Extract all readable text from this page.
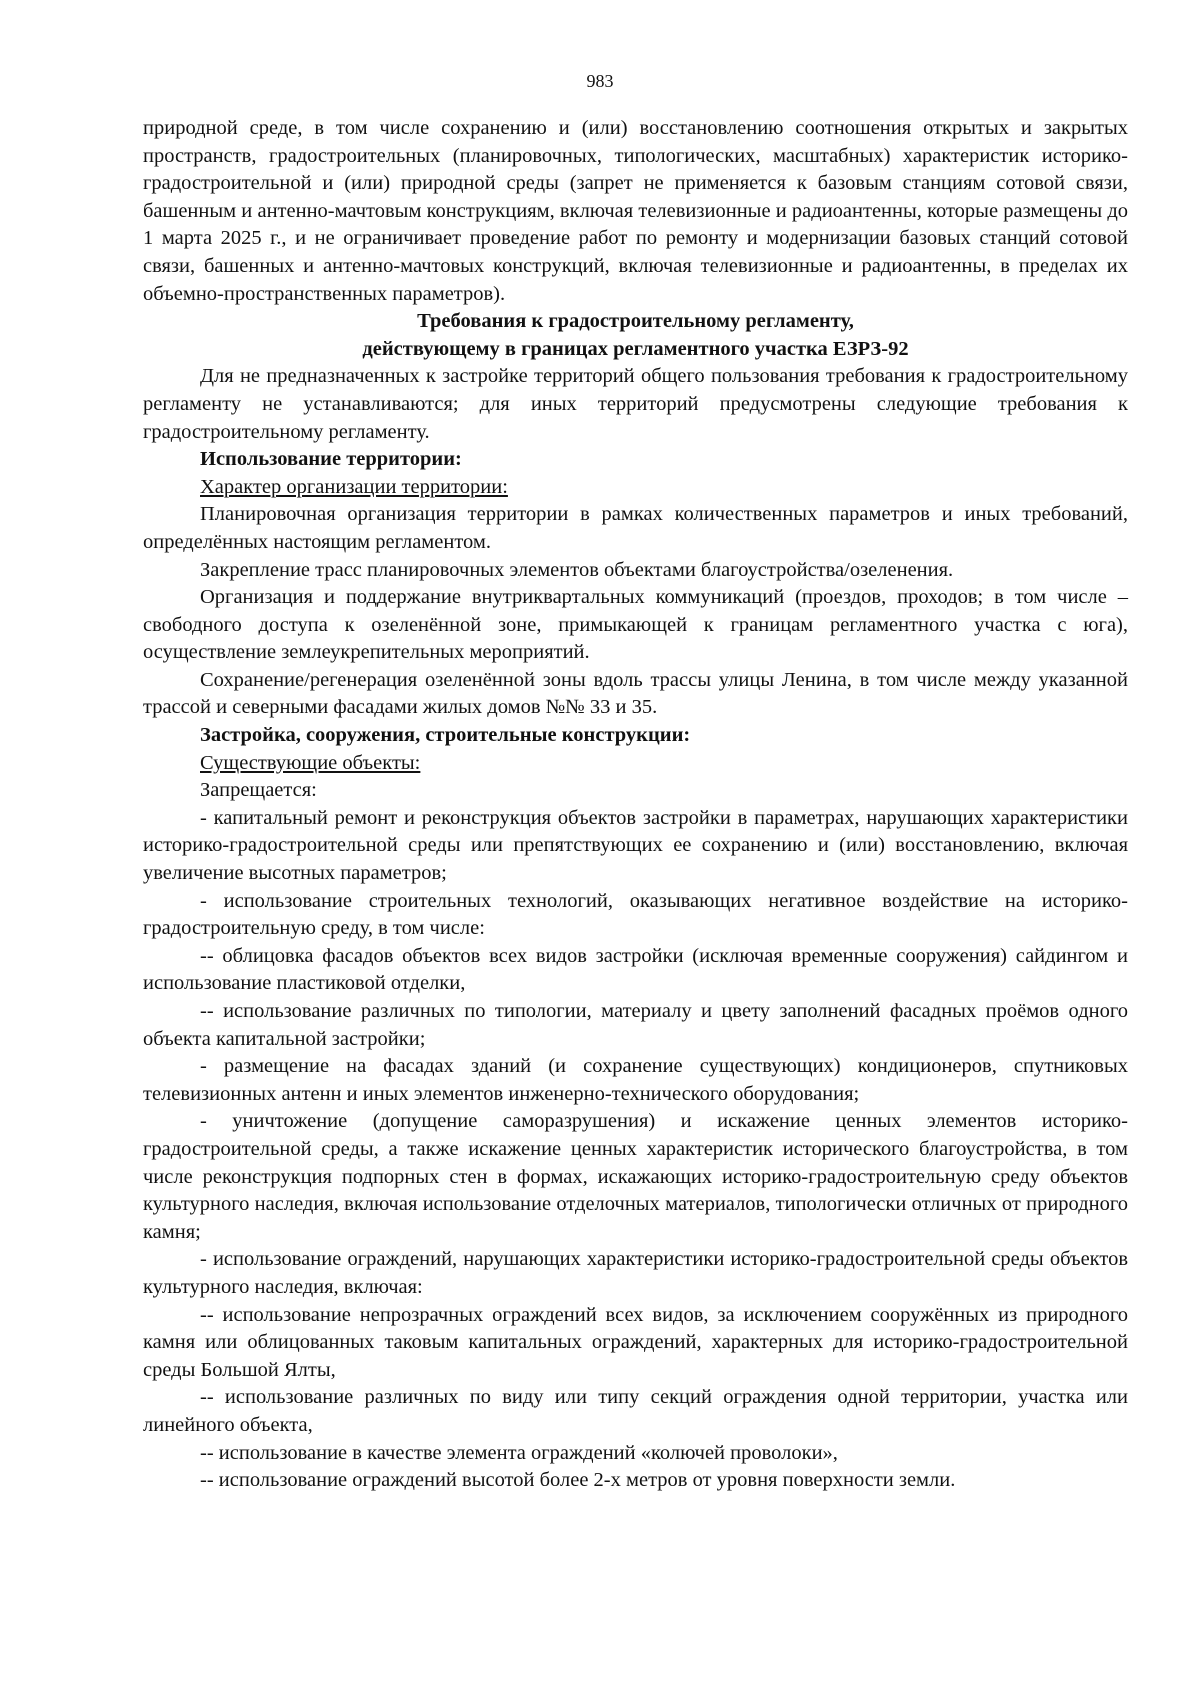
983

природной среде, в том числе сохранению и (или) восстановлению соотношения открытых и закрытых пространств, градостроительных (планировочных, типологических, масштабных) характеристик историко-градостроительной и (или) природной среды (запрет не применяется к базовым станциям сотовой связи, башенным и антенно-мачтовым конструкциям, включая телевизионные и радиоантенны, которые размещены до 1 марта 2025 г., и не ограничивает проведение работ по ремонту и модернизации базовых станций сотовой связи, башенных и антенно-мачтовых конструкций, включая телевизионные и радиоантенны, в пределах их объемно-пространственных параметров).

Требования к градостроительному регламенту,

действующему в границах регламентного участка ЕЗРЗ-92

Для не предназначенных к застройке территорий общего пользования требования к градостроительному регламенту не устанавливаются; для иных территорий предусмотрены следующие требования к градостроительному регламенту.

Использование территории:

Характер организации территории:

Планировочная организация территории в рамках количественных параметров и иных требований, определённых настоящим регламентом.

Закрепление трасс планировочных элементов объектами благоустройства/озеленения.

Организация и поддержание внутриквартальных коммуникаций (проездов, проходов; в том числе – свободного доступа к озеленённой зоне, примыкающей к границам регламентного участка с юга), осуществление землеукрепительных мероприятий.

Сохранение/регенерация озеленённой зоны вдоль трассы улицы Ленина, в том числе между указанной трассой и северными фасадами жилых домов №№ 33 и 35.

Застройка, сооружения, строительные конструкции:

Существующие объекты:

Запрещается:

- капитальный ремонт и реконструкция объектов застройки в параметрах, нарушающих характеристики историко-градостроительной среды или препятствующих ее сохранению и (или) восстановлению, включая увеличение высотных параметров;

- использование строительных технологий, оказывающих негативное воздействие на историко-градостроительную среду, в том числе:

-- облицовка фасадов объектов всех видов застройки (исключая временные сооружения) сайдингом и использование пластиковой отделки,

-- использование различных по типологии, материалу и цвету заполнений фасадных проёмов одного объекта капитальной застройки;

- размещение на фасадах зданий (и сохранение существующих) кондиционеров, спутниковых телевизионных антенн и иных элементов инженерно-технического оборудования;

- уничтожение (допущение саморазрушения) и искажение ценных элементов историко-градостроительной среды, а также искажение ценных характеристик исторического благоустройства, в том числе реконструкция подпорных стен в формах, искажающих историко-градостроительную среду объектов культурного наследия, включая использование отделочных материалов, типологически отличных от природного камня;

- использование ограждений, нарушающих характеристики историко-градостроительной среды объектов культурного наследия, включая:

-- использование непрозрачных ограждений всех видов, за исключением сооружённых из природного камня или облицованных таковым капитальных ограждений, характерных для историко-градостроительной среды Большой Ялты,

-- использование различных по виду или типу секций ограждения одной территории, участка или линейного объекта,

-- использование в качестве элемента ограждений «колючей проволоки»,

-- использование ограждений высотой более 2-х метров от уровня поверхности земли.
